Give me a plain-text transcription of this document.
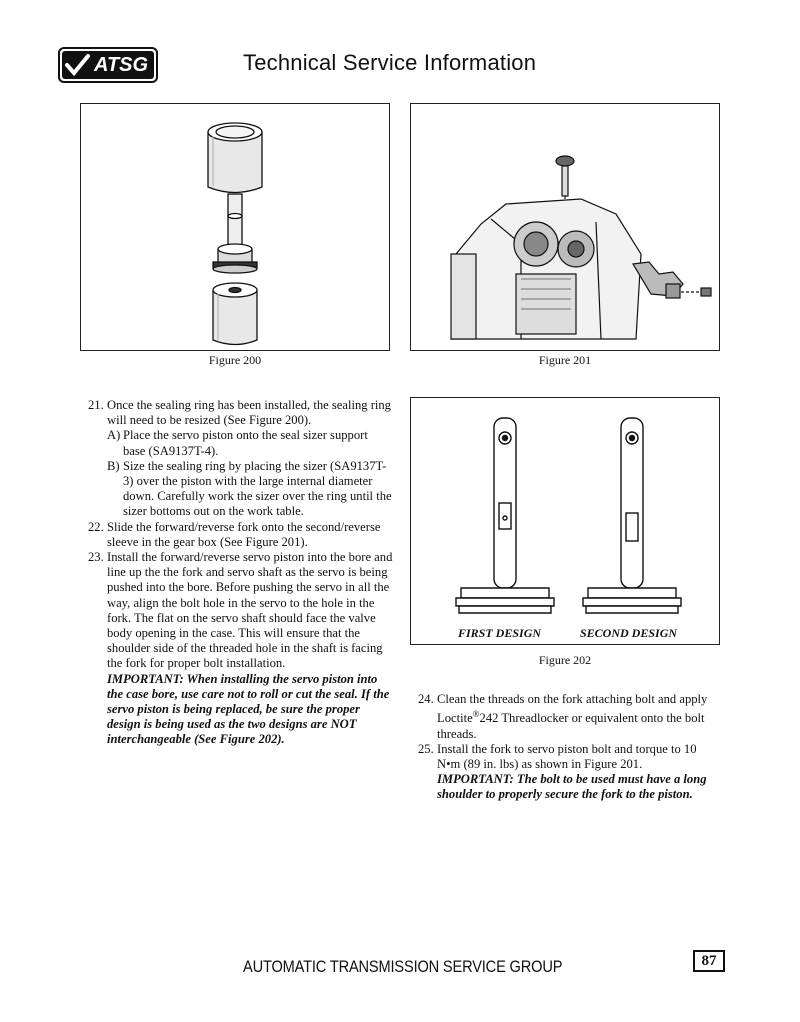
ATSG	Technical Service Information
Figure 200	Figure 201
FIRST DESIGN	SECOND DESIGN
Figure 202
21. Once the sealing ring has been installed, the sealing ring will need to be resized (See Figure 200).
A) Place the servo piston onto the seal sizer support base (SA9137T-4).
B) Size the sealing ring by placing the sizer (SA9137T-3) over the piston with the large internal diameter down. Carefully work the sizer over the ring until the sizer bottoms out on the work table.
22. Slide the forward/reverse fork onto the second/reverse sleeve in the gear box (See Figure 201).
23. Install the forward/reverse servo piston into the bore and line up the the fork and servo shaft as the servo is being pushed into the bore. Before pushing the servo in all the way, align the bolt hole in the servo to the hole in the fork. The flat on the servo shaft should face the valve body opening in the case. This will ensure that the shoulder side of the threaded hole in the shaft is facing the fork for proper bolt installation.
IMPORTANT: When installing the servo piston into the case bore, use care not to roll or cut the seal. If the servo piston is being replaced, be sure the proper design is being used as the two designs are NOT interchangeable (See Figure 202).
24. Clean the threads on the fork attaching bolt and apply Loctite®242 Threadlocker or equivalent onto the bolt threads.
25. Install the fork to servo piston bolt and torque to 10 N•m (89 in. lbs) as shown in Figure 201.
IMPORTANT: The bolt to be used must have a long shoulder to properly secure the fork to the piston.
AUTOMATIC TRANSMISSION SERVICE GROUP	87
